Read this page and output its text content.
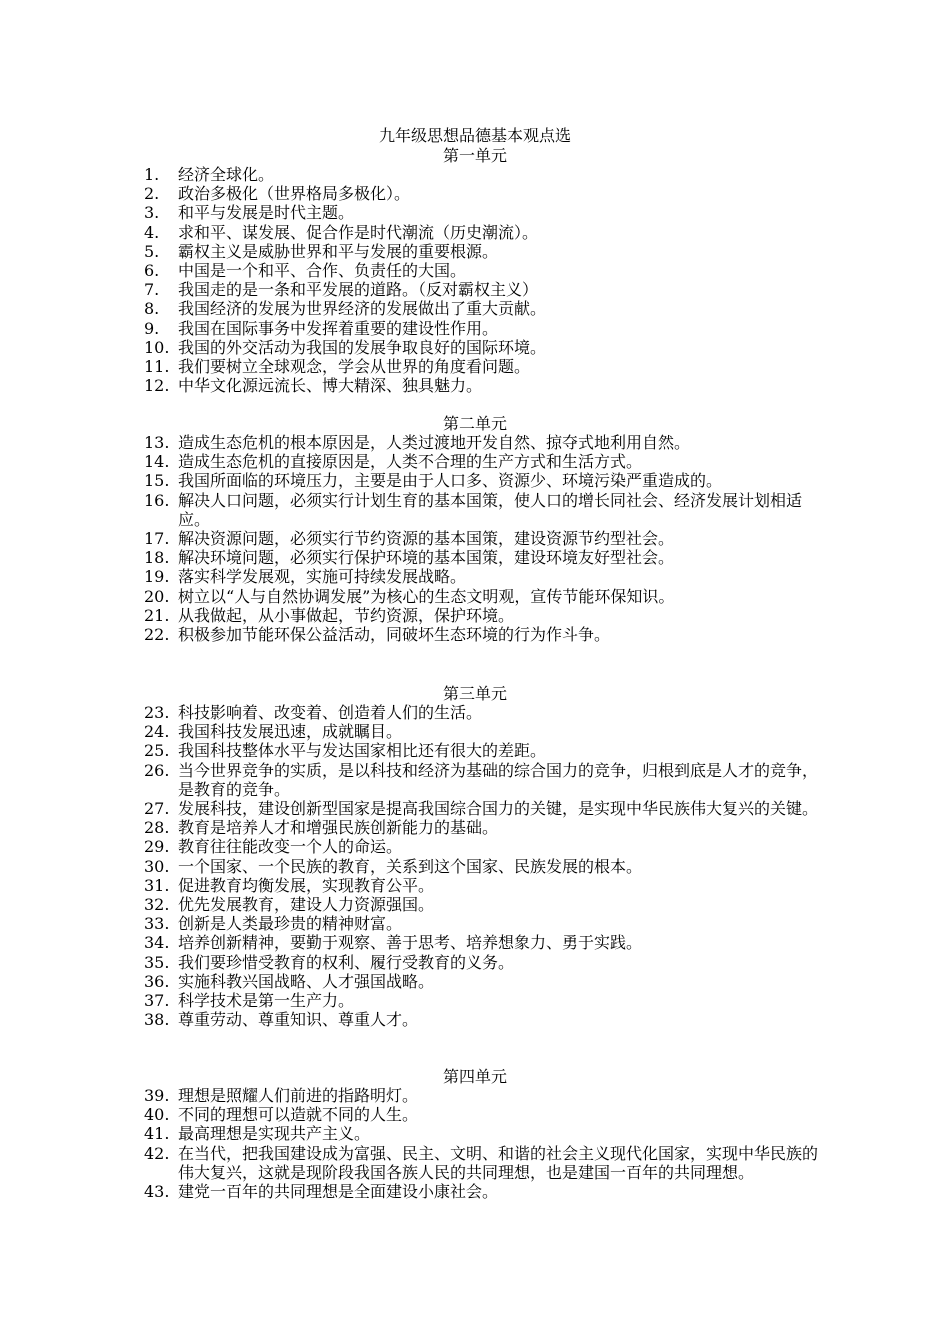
九年级思想品德基本观点选
第一单元
1. 经济全球化。
2. 政治多极化（世界格局多极化）。
3. 和平与发展是时代主题。
4. 求和平、谋发展、促合作是时代潮流（历史潮流）。
5. 霸权主义是威胁世界和平与发展的重要根源。
6. 中国是一个和平、合作、负责任的大国。
7. 我国走的是一条和平发展的道路。（反对霸权主义）
8. 我国经济的发展为世界经济的发展做出了重大贡献。
9. 我国在国际事务中发挥着重要的建设性作用。
10. 我国的外交活动为我国的发展争取良好的国际环境。
11. 我们要树立全球观念，学会从世界的角度看问题。
12. 中华文化源远流长、博大精深、独具魅力。
第二单元
13. 造成生态危机的根本原因是，人类过渡地开发自然、掠夺式地利用自然。
14. 造成生态危机的直接原因是，人类不合理的生产方式和生活方式。
15. 我国所面临的环境压力，主要是由于人口多、资源少、环境污染严重造成的。
16. 解决人口问题，必须实行计划生育的基本国策，使人口的增长同社会、经济发展计划相适应。
17. 解决资源问题，必须实行节约资源的基本国策，建设资源节约型社会。
18. 解决环境问题，必须实行保护环境的基本国策，建设环境友好型社会。
19. 落实科学发展观，实施可持续发展战略。
20. 树立以“人与自然协调发展”为核心的生态文明观，宣传节能环保知识。
21. 从我做起，从小事做起，节约资源，保护环境。
22. 积极参加节能环保公益活动，同破坏生态环境的行为作斗争。
第三单元
23. 科技影响着、改变着、创造着人们的生活。
24. 我国科技发展迅速，成就瞩目。
25. 我国科技整体水平与发达国家相比还有很大的差距。
26. 当今世界竞争的实质，是以科技和经济为基础的综合国力的竞争，归根到底是人才的竞争，是教育的竞争。
27. 发展科技，建设创新型国家是提高我国综合国力的关键，是实现中华民族伟大复兴的关键。
28. 教育是培养人才和增强民族创新能力的基础。
29. 教育往往能改变一个人的命运。
30. 一个国家、一个民族的教育，关系到这个国家、民族发展的根本。
31. 促进教育均衡发展，实现教育公平。
32. 优先发展教育，建设人力资源强国。
33. 创新是人类最珍贵的精神财富。
34. 培养创新精神，要勤于观察、善于思考、培养想象力、勇于实践。
35. 我们要珍惜受教育的权利、履行受教育的义务。
36. 实施科教兴国战略、人才强国战略。
37. 科学技术是第一生产力。
38. 尊重劳动、尊重知识、尊重人才。
第四单元
39. 理想是照耀人们前进的指路明灯。
40. 不同的理想可以造就不同的人生。
41. 最高理想是实现共产主义。
42. 在当代，把我国建设成为富强、民主、文明、和谐的社会主义现代化国家，实现中华民族的伟大复兴，这就是现阶段我国各族人民的共同理想，也是建国一百年的共同理想。
43. 建党一百年的共同理想是全面建设小康社会。
